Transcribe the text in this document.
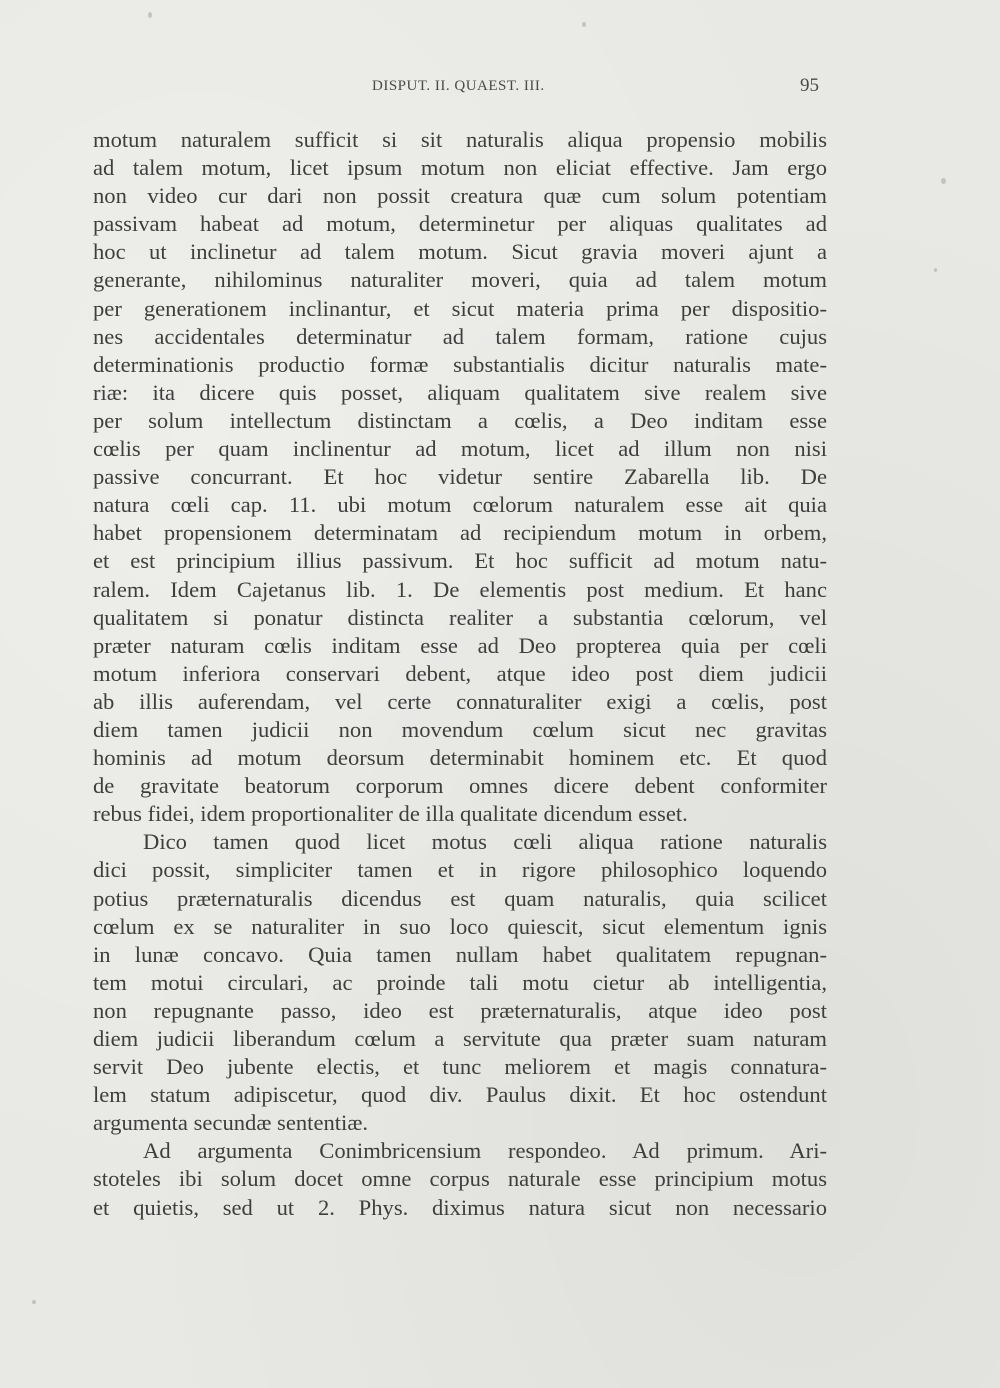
DISPUT. II. QUAEST. III.	95
motum naturalem sufficit si sit naturalis aliqua propensio mobilis
ad talem motum, licet ipsum motum non eliciat effective. Jam ergo
non video cur dari non possit creatura quæ cum solum potentiam
passivam habeat ad motum, determinetur per aliquas qualitates ad
hoc ut inclinetur ad talem motum. Sicut gravia moveri ajunt a
generante, nihilominus naturaliter moveri, quia ad talem motum
per generationem inclinantur, et sicut materia prima per dispositio-
nes accidentales determinatur ad talem formam, ratione cujus
determinationis productio formæ substantialis dicitur naturalis mate-
riæ: ita dicere quis posset, aliquam qualitatem sive realem sive
per solum intellectum distinctam a cœlis, a Deo inditam esse
cœlis per quam inclinentur ad motum, licet ad illum non nisi
passive concurrant. Et hoc videtur sentire Zabarella lib. De
natura cœli cap. 11. ubi motum cœlorum naturalem esse ait quia
habet propensionem determinatam ad recipiendum motum in orbem,
et est principium illius passivum. Et hoc sufficit ad motum natu-
ralem. Idem Cajetanus lib. 1. De elementis post medium. Et hanc
qualitatem si ponatur distincta realiter a substantia cœlorum, vel
præter naturam cœlis inditam esse ad Deo propterea quia per cœli
motum inferiora conservari debent, atque ideo post diem judicii
ab illis auferendam, vel certe connaturaliter exigi a cœlis, post
diem tamen judicii non movendum cœlum sicut nec gravitas
hominis ad motum deorsum determinabit hominem etc. Et quod
de gravitate beatorum corporum omnes dicere debent conformiter
rebus fidei, idem proportionaliter de illa qualitate dicendum esset.
Dico tamen quod licet motus cœli aliqua ratione naturalis
dici possit, simpliciter tamen et in rigore philosophico loquendo
potius præternaturalis dicendus est quam naturalis, quia scilicet
cœlum ex se naturaliter in suo loco quiescit, sicut elementum ignis
in lunæ concavo. Quia tamen nullam habet qualitatem repugnan-
tem motui circulari, ac proinde tali motu cietur ab intelligentia,
non repugnante passo, ideo est præternaturalis, atque ideo post
diem judicii liberandum cœlum a servitute qua præter suam naturam
servit Deo jubente electis, et tunc meliorem et magis connatura-
lem statum adipiscetur, quod div. Paulus dixit. Et hoc ostendunt
argumenta secundæ sententiæ.
Ad argumenta Conimbricensium respondeo. Ad primum. Ari-
stoteles ibi solum docet omne corpus naturale esse principium motus
et quietis, sed ut 2. Phys. diximus natura sicut non necessario
